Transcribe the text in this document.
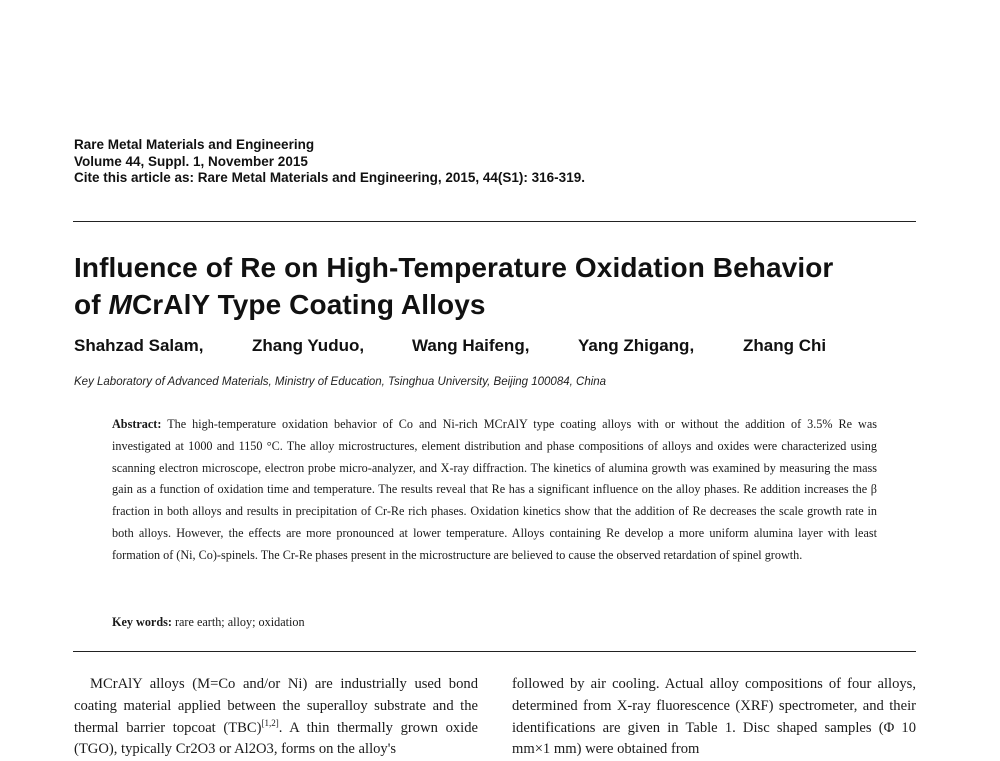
Rare Metal Materials and Engineering
Volume 44, Suppl. 1, November 2015
Cite this article as: Rare Metal Materials and Engineering, 2015, 44(S1): 316-319.
Influence of Re on High-Temperature Oxidation Behavior
of MCrAlY Type Coating Alloys
Shahzad Salam,	Zhang Yuduo,	Wang Haifeng,	Yang Zhigang,	Zhang Chi
Key Laboratory of Advanced Materials, Ministry of Education, Tsinghua University, Beijing 100084, China
Abstract: The high-temperature oxidation behavior of Co and Ni-rich MCrAlY type coating alloys with or without the addition of 3.5% Re was investigated at 1000 and 1150 °C. The alloy microstructures, element distribution and phase compositions of alloys and oxides were characterized using scanning electron microscope, electron probe micro-analyzer, and X-ray diffraction. The kinetics of alumina growth was examined by measuring the mass gain as a function of oxidation time and temperature. The results reveal that Re has a significant influence on the alloy phases. Re addition increases the β fraction in both alloys and results in precipitation of Cr-Re rich phases. Oxidation kinetics show that the addition of Re decreases the scale growth rate in both alloys. However, the effects are more pronounced at lower temperature. Alloys containing Re develop a more uniform alumina layer with least formation of (Ni, Co)-spinels. The Cr-Re phases present in the microstructure are believed to cause the observed retardation of spinel growth.
Key words: rare earth; alloy; oxidation
MCrAlY alloys (M=Co and/or Ni) are industrially used bond coating material applied between the superalloy substrate and the thermal barrier topcoat (TBC)[1,2]. A thin thermally grown oxide (TGO), typically Cr2O3 or Al2O3, forms on the alloy's
followed by air cooling. Actual alloy compositions of four alloys, determined from X-ray fluorescence (XRF) spectrometer, and their identifications are given in Table 1. Disc shaped samples (Φ 10 mm×1 mm) were obtained from
